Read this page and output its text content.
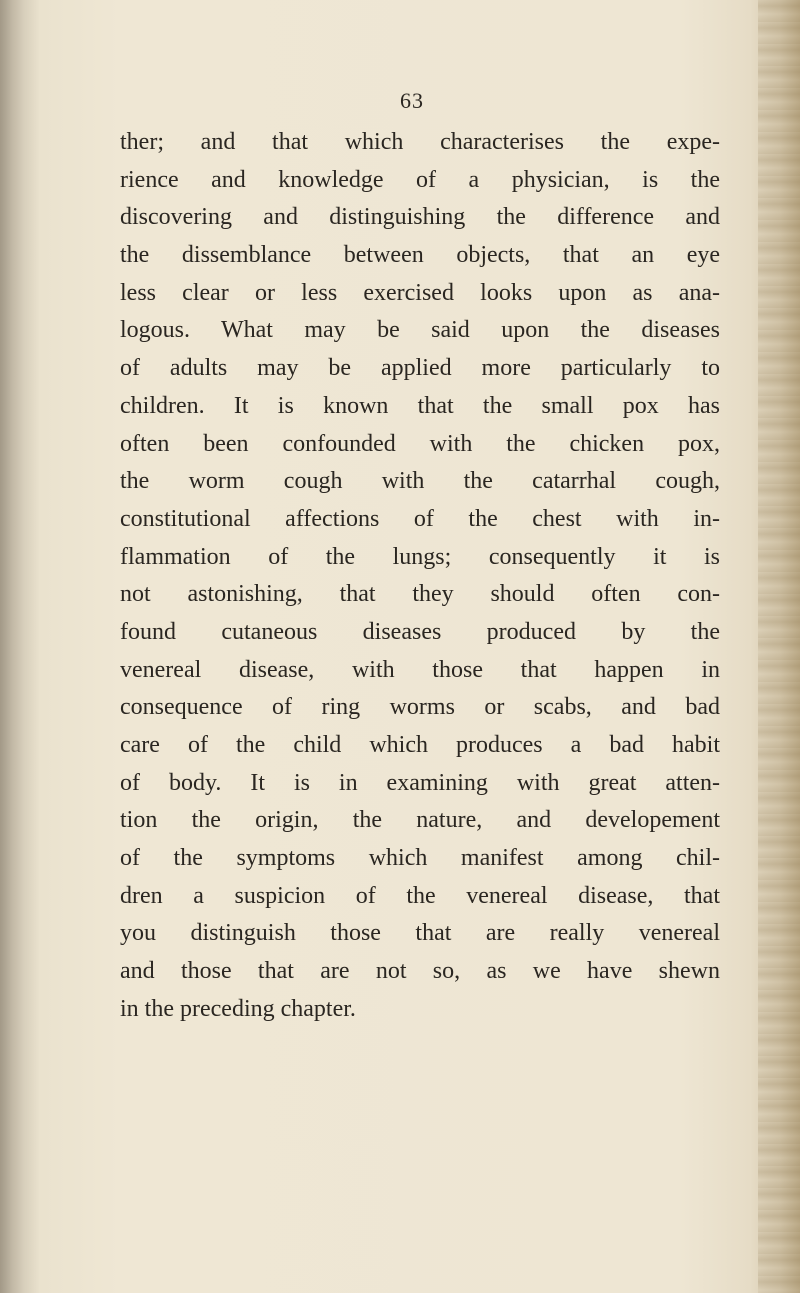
63
ther; and that which characterises the expe-
rience and knowledge of a physician, is the
discovering and distinguishing the difference and
the dissemblance between objects, that an eye
less clear or less exercised looks upon as ana-
logous. What may be said upon the diseases
of adults may be applied more particularly to
children. It is known that the small pox has
often been confounded with the chicken pox,
the worm cough with the catarrhal cough,
constitutional affections of the chest with in-
flammation of the lungs; consequently it is
not astonishing, that they should often con-
found cutaneous diseases produced by the
venereal disease, with those that happen in
consequence of ring worms or scabs, and bad
care of the child which produces a bad habit
of body. It is in examining with great atten-
tion the origin, the nature, and developement
of the symptoms which manifest among chil-
dren a suspicion of the venereal disease, that
you distinguish those that are really venereal
and those that are not so, as we have shewn
in the preceding chapter.
